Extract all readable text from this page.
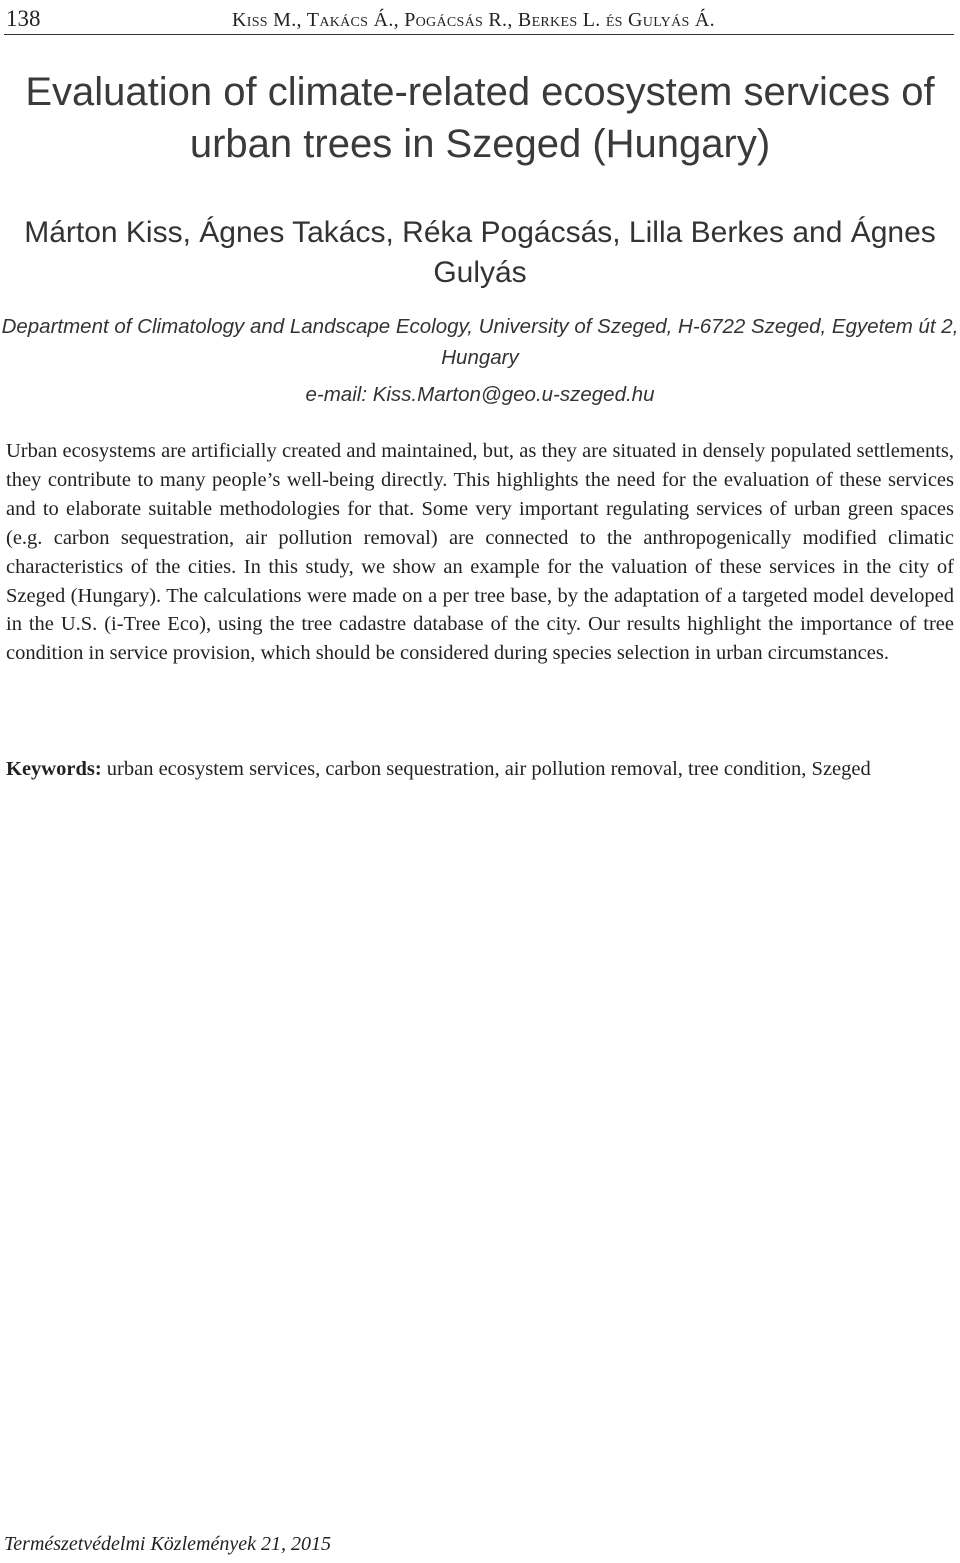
138	Kiss M., Takács Á., Pogácsás R., Berkes L. és Gulyás Á.
Evaluation of climate-related ecosystem services of urban trees in Szeged (Hungary)

Márton Kiss, Ágnes Takács, Réka Pogácsás, Lilla Berkes and Ágnes Gulyás

Department of Climatology and Landscape Ecology, University of Szeged, H-6722 Szeged, Egyetem út 2, Hungary

e-mail: Kiss.Marton@geo.u-szeged.hu

Urban ecosystems are artificially created and maintained, but, as they are situated in densely populated settlements, they contribute to many people’s well-being directly. This highlights the need for the evaluation of these services and to elaborate suitable methodologies for that. Some very important regulating services of urban green spaces (e.g. carbon sequestration, air pollution removal) are connected to the anthropogenically modified climatic characteristics of the cities. In this study, we show an example for the valuation of these services in the city of Szeged (Hungary). The calculations were made on a per tree base, by the adaptation of a targeted model developed in the U.S. (i-Tree Eco), using the tree cadastre database of the city. Our results highlight the importance of tree condition in service provision, which should be considered during species selection in urban circumstances.

Keywords: urban ecosystem services, carbon sequestration, air pollution removal, tree condition, Szeged

Természetvédelmi Közlemények 21, 2015
